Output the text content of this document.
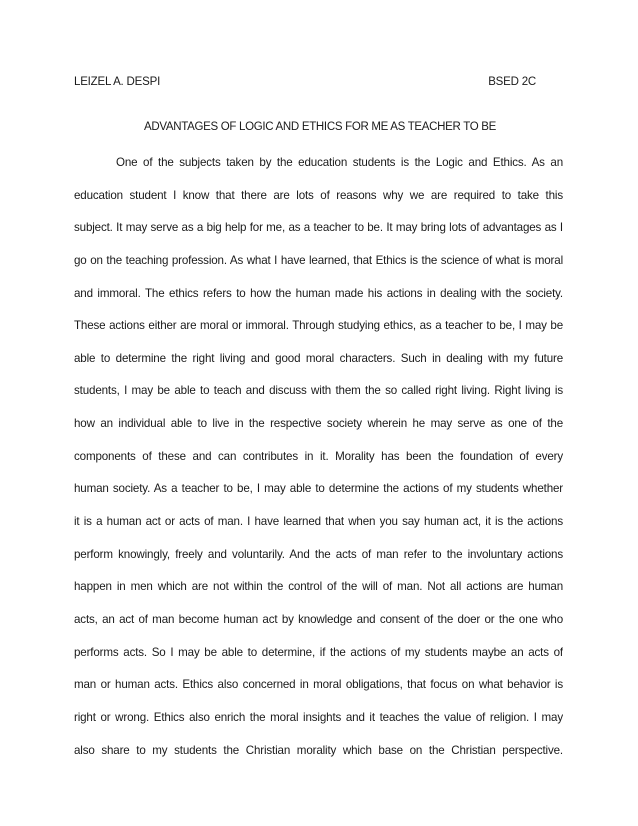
LEIZEL A. DESPI	BSED 2C
ADVANTAGES OF LOGIC AND ETHICS FOR ME AS TEACHER TO BE
One of the subjects taken by the education students is the Logic and Ethics. As an
education student I know that there are lots of reasons why we are required to take this
subject. It may serve as a big help for me, as a teacher to be. It may bring lots of advantages as I
go on the teaching profession. As what I have learned, that Ethics is the science of what is moral
and immoral. The ethics refers to how the human made his actions in dealing with the society.
These actions either are moral or immoral. Through studying ethics, as a teacher to be, I may be
able to determine the right living and good moral characters. Such in dealing with my future
students, I may be able to teach and discuss with them the so called right living. Right living is
how an individual able to live in the respective society wherein he may serve as one of the
components of these and can contributes in it. Morality has been the foundation of every
human society. As a teacher to be, I may able to determine the actions of my students whether
it is a human act or acts of man. I have learned that when you say human act, it is the actions
perform knowingly, freely and voluntarily. And the acts of man refer to the involuntary actions
happen in men which are not within the control of the will of man. Not all actions are human
acts, an act of man become human act by knowledge and consent of the doer or the one who
performs acts. So I may be able to determine, if the actions of my students maybe an acts of
man or human acts. Ethics also concerned in moral obligations, that focus on what behavior is
right or wrong. Ethics also enrich the moral insights and it teaches the value of religion. I may
also share to my students the Christian morality which base on the Christian perspective.
